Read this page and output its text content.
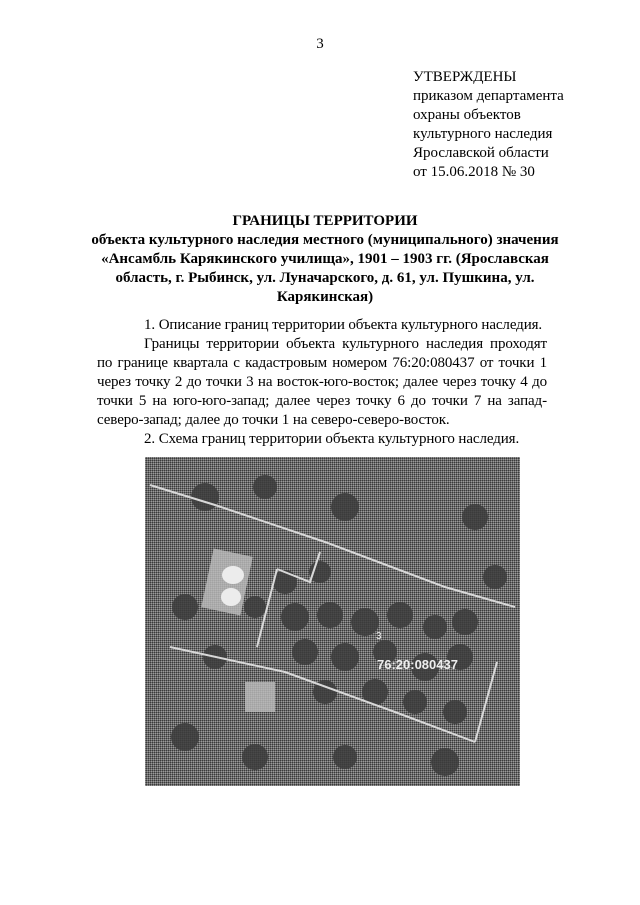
3
УТВЕРЖДЕНЫ
приказом департамента
охраны объектов
культурного наследия
Ярославской области
от 15.06.2018 № 30
ГРАНИЦЫ ТЕРРИТОРИИ
объекта культурного наследия местного (муниципального) значения «Ансамбль Карякинского училища», 1901 – 1903 гг. (Ярославская область, г. Рыбинск, ул. Луначарского, д. 61, ул. Пушкина, ул. Карякинская)

1. Описание границ территории объекта культурного наследия.

Границы территории объекта культурного наследия проходят по границе квартала с кадастровым номером 76:20:080437 от точки 1 через точку 2 до точки 3 на восток-юго-восток; далее через точку 4 до точки 5 на юго-юго-запад; далее через точку 6 до точки 7 на запад-северо-запад; далее до точки 1 на северо-северо-восток.

2. Схема границ территории объекта культурного наследия.

3
76:20:080437
